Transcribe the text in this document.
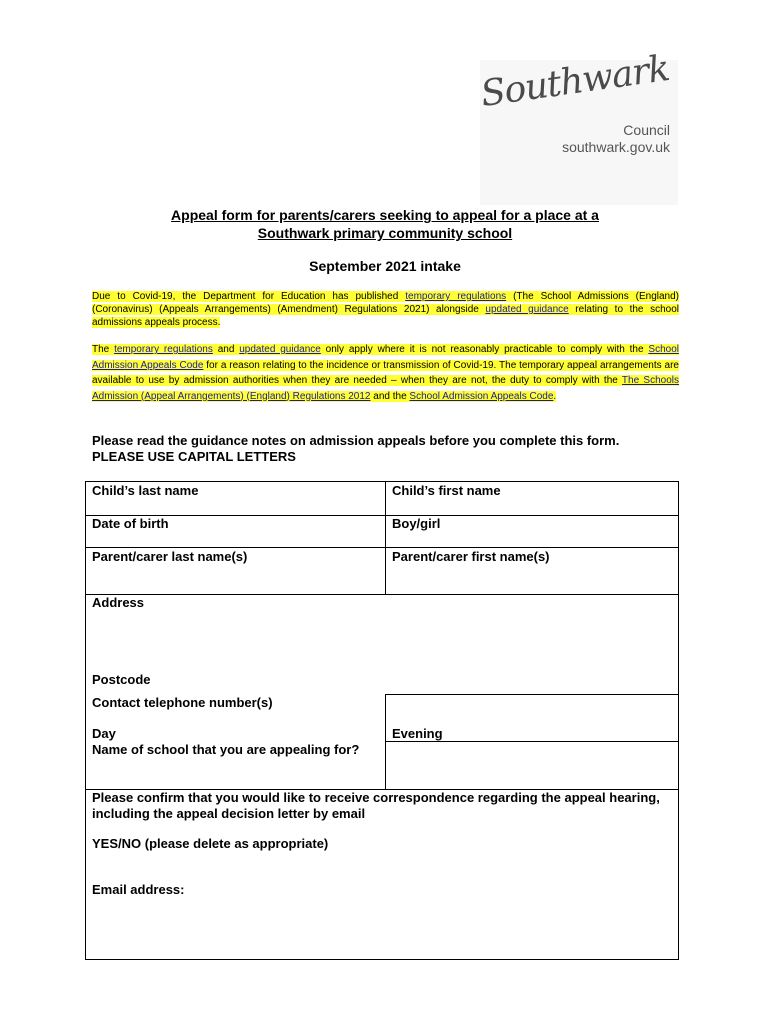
Southwark
Council
southwark.gov.uk
Appeal form for parents/carers seeking to appeal for a place at a
Southwark primary community school
September 2021 intake
Due to Covid-19, the Department for Education has published temporary regulations (The School Admissions (England) (Coronavirus) (Appeals Arrangements) (Amendment) Regulations 2021) alongside updated guidance relating to the school admissions appeals process.
The temporary regulations and updated guidance only apply where it is not reasonably practicable to comply with the School Admission Appeals Code for a reason relating to the incidence or transmission of Covid-19. The temporary appeal arrangements are available to use by admission authorities when they are needed – when they are not, the duty to comply with the The Schools Admission (Appeal Arrangements) (England) Regulations 2012 and the School Admission Appeals Code.
Please read the guidance notes on admission appeals before you complete this form.
PLEASE USE CAPITAL LETTERS
Child’s last name	Child’s first name
Date of birth	Boy/girl
Parent/carer last name(s)	Parent/carer first name(s)
Address
Postcode
Contact telephone number(s)
Day	Evening
Name of school that you are appealing for?
Please confirm that you would like to receive correspondence regarding the appeal hearing, including the appeal decision letter by email
YES/NO (please delete as appropriate)
Email address:
